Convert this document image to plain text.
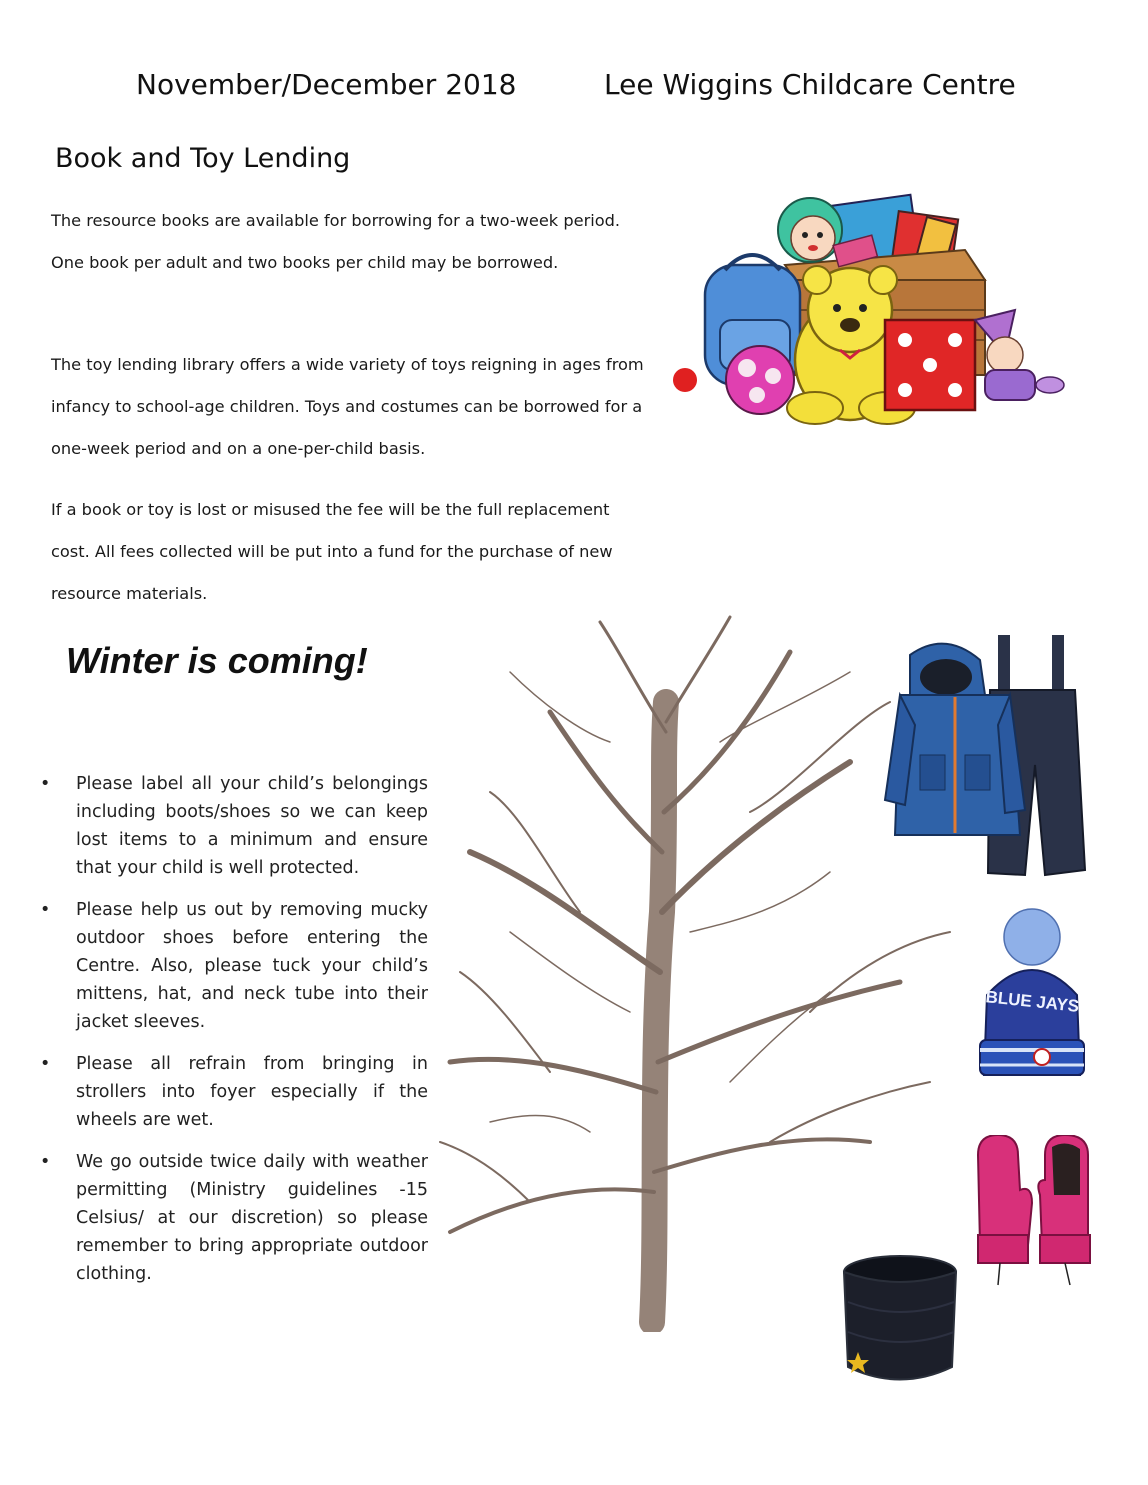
November/December 2018	Lee Wiggins Childcare Centre
Book and Toy Lending

The resource books are available for borrowing for a two-week period. One book per adult and two books per child may be borrowed.

The toy lending library offers a wide variety of toys reigning in ages from infancy to school-age children. Toys and costumes can be borrowed for a one-week period and on a one-per-child basis.

If a book or toy is lost or misused the fee will be the full replacement cost. All fees collected will be put into a fund for the purchase of new resource materials.

Winter is coming!
• Please label all your child’s belongings including boots/shoes so we can keep lost items to a minimum and ensure that your child is well protected.
• Please help us out by removing mucky outdoor shoes before entering the Centre. Also, please tuck your child’s mittens, hat, and neck tube into their jacket sleeves.
• Please all refrain from bringing in strollers into foyer especially if the wheels are wet.
• We go outside twice daily with weather permitting (Ministry guidelines -15 Celsius/ at our discretion) so please remember to bring appropriate outdoor clothing.
BLUE JAYS
